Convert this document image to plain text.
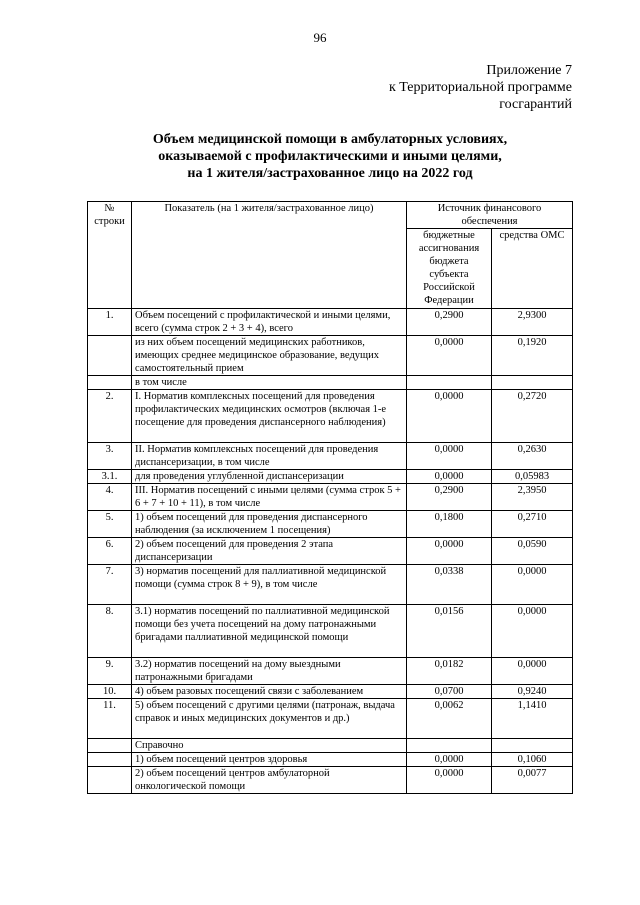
96
Приложение 7
к Территориальной программе
госгарантий
Объем медицинской помощи в амбулаторных условиях,
оказываемой с профилактическими и иными целями,
на 1 жителя/застрахованное лицо на 2022 год
№ строки	Показатель (на 1 жителя/застрахованное лицо)	Источник финансового обеспечения	
		бюджетные ассигнования бюджета субъекта Российской Федерации	средства ОМС
1.	Объем посещений с профилактической и иными целями, всего (сумма строк 2 + 3 + 4), всего	0,2900	2,9300
	из них объем посещений медицинских работников, имеющих среднее медицинское образование, ведущих самостоятельный прием	0,0000	0,1920
	в том числе		
2.	I. Норматив комплексных посещений для проведения профилактических медицинских осмотров (включая 1-е посещение для проведения диспансерного наблюдения)	0,0000	0,2720
3.	II. Норматив комплексных посещений для проведения диспансеризации, в том числе	0,0000	0,2630
3.1.	для проведения углубленной диспансеризации	0,0000	0,05983
4.	III. Норматив посещений с иными целями (сумма строк 5 + 6 + 7 + 10 + 11), в том числе	0,2900	2,3950
5.	1) объем посещений для проведения диспансерного наблюдения (за исключением 1 посещения)	0,1800	0,2710
6.	2) объем посещений для проведения 2 этапа диспансеризации	0,0000	0,0590
7.	3) норматив посещений для паллиативной медицинской помощи (сумма строк 8 + 9), в том числе	0,0338	0,0000
8.	3.1) норматив посещений по паллиативной медицинской помощи без учета посещений на дому патронажными бригадами паллиативной медицинской помощи	0,0156	0,0000
9.	3.2) норматив посещений на дому выездными патронажными бригадами	0,0182	0,0000
10.	4) объем разовых посещений связи с заболеванием	0,0700	0,9240
11.	5) объем посещений с другими целями (патронаж, выдача справок и иных медицинских документов и др.)	0,0062	1,1410
	Справочно		
	1) объем посещений центров здоровья	0,0000	0,1060
	2) объем посещений центров амбулаторной онкологической помощи	0,0000	0,0077
